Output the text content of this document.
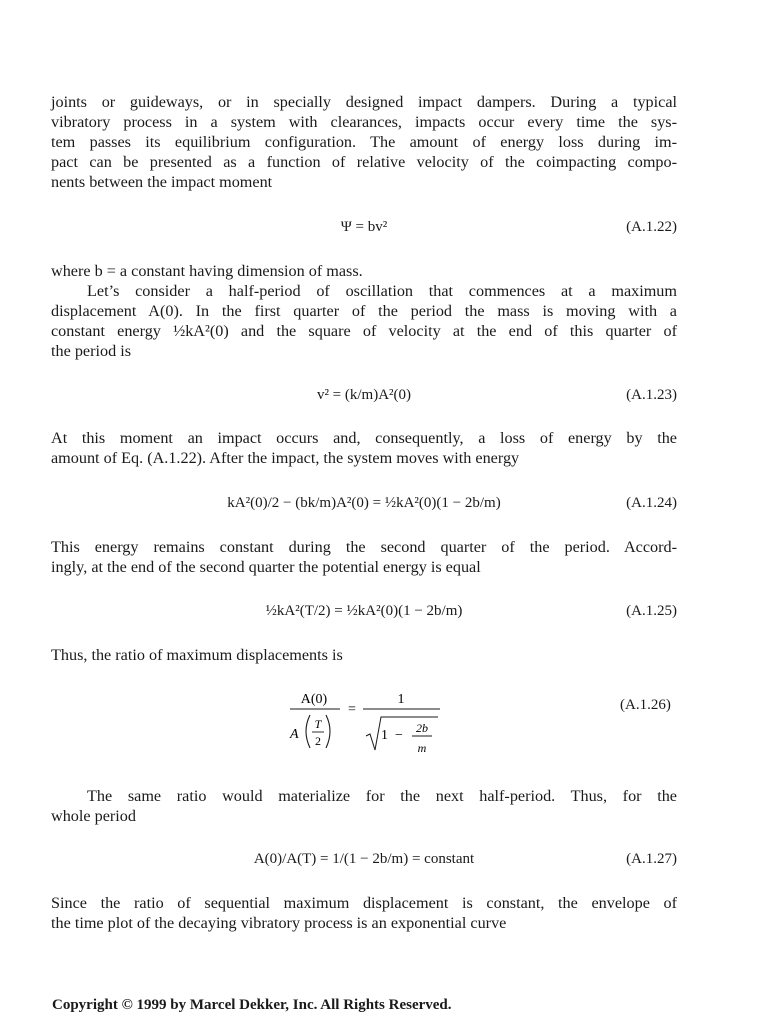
joints or guideways, or in specially designed impact dampers. During a typical
vibratory process in a system with clearances, impacts occur every time the sys-
tem passes its equilibrium configuration. The amount of energy loss during im-
pact can be presented as a function of relative velocity of the coimpacting compo-
nents between the impact moment
Ψ = bv²	(A.1.22)
where b = a constant having dimension of mass.
Let’s consider a half-period of oscillation that commences at a maximum
displacement A(0). In the first quarter of the period the mass is moving with a
constant energy ½kA²(0) and the square of velocity at the end of this quarter of
the period is
v² = (k/m)A²(0)	(A.1.23)
At this moment an impact occurs and, consequently, a loss of energy by the
amount of Eq. (A.1.22). After the impact, the system moves with energy
kA²(0)/2 − (bk/m)A²(0) = ½kA²(0)(1 − 2b/m)	(A.1.24)
This energy remains constant during the second quarter of the period. Accord-
ingly, at the end of the second quarter the potential energy is equal
½kA²(T/2) = ½kA²(0)(1 − 2b/m)	(A.1.25)
Thus, the ratio of maximum displacements is
A(0)
A
T
2
=
1
1 − 2b
m
(A.1.26)
The same ratio would materialize for the next half-period. Thus, for the
whole period
A(0)/A(T) = 1/(1 − 2b/m) = constant	(A.1.27)
Since the ratio of sequential maximum displacement is constant, the envelope of
the time plot of the decaying vibratory process is an exponential curve
Copyright © 1999 by Marcel Dekker, Inc. All Rights Reserved.
